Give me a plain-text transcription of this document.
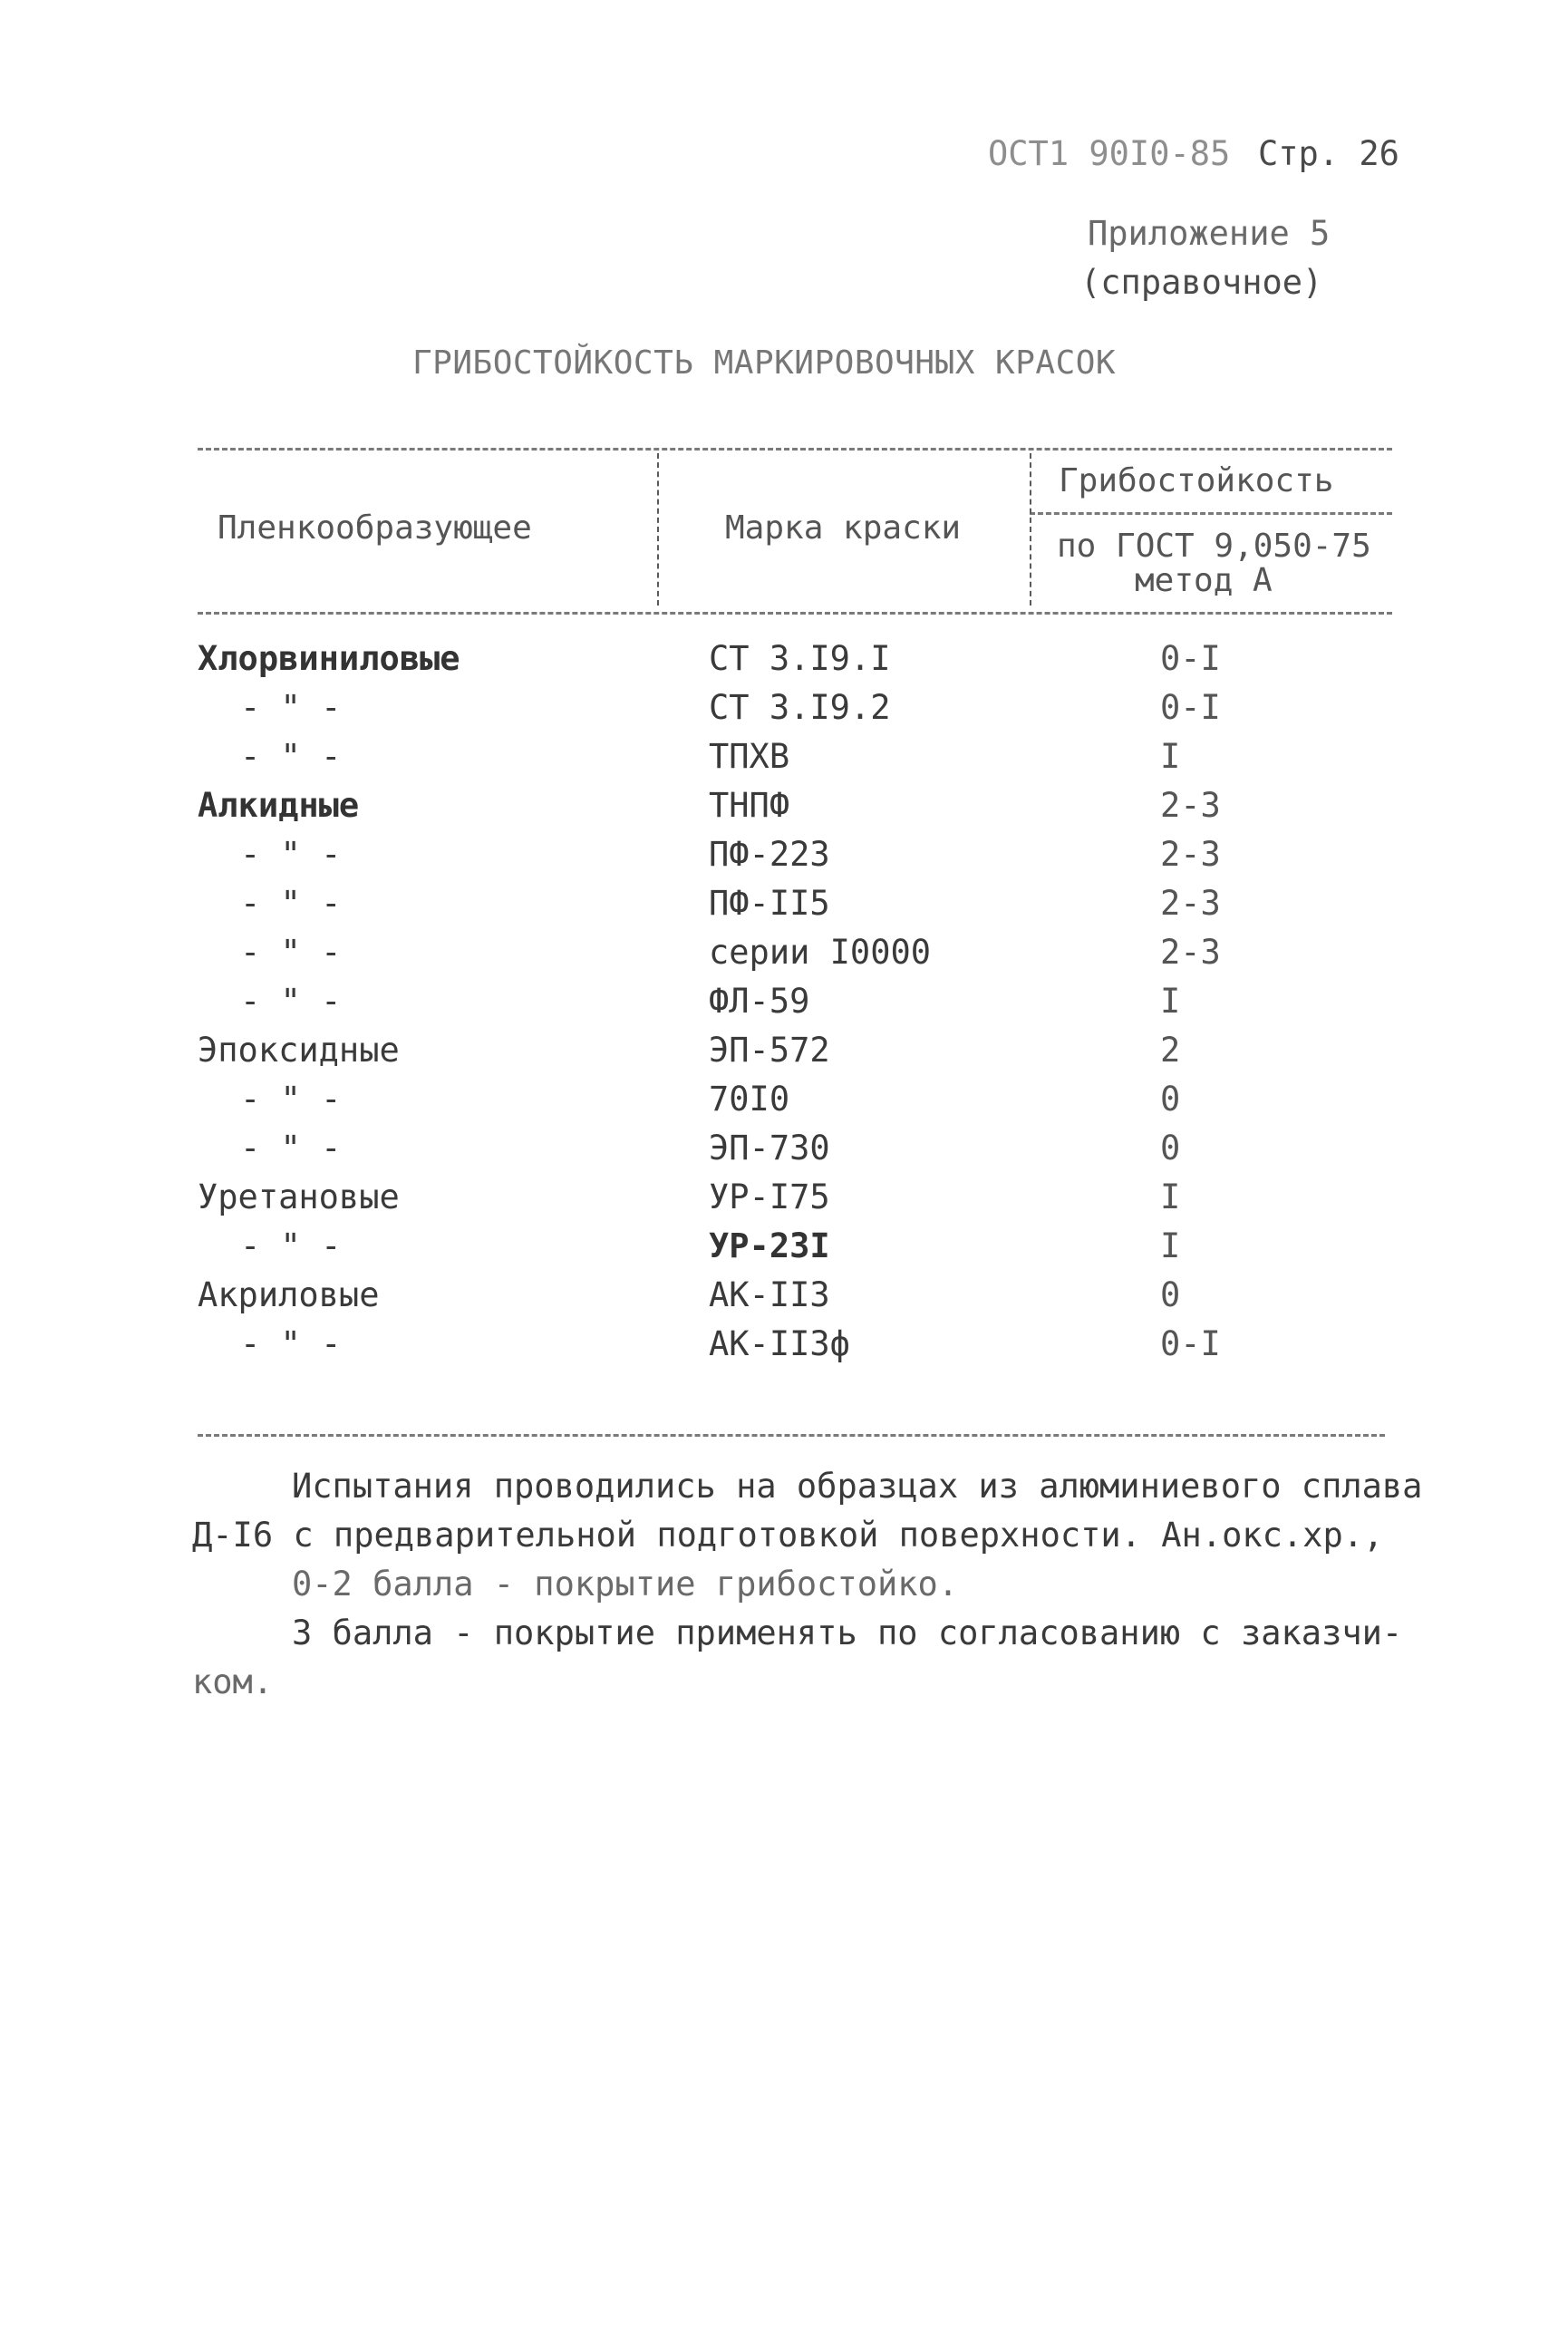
ОСТ1 90I0-85 Стр. 26
Приложение 5
(справочное)
ГРИБОСТОЙКОСТЬ МАРКИРОВОЧНЫХ КРАСОК
Пленкообразующее	Марка краски
Грибостойкость
по ГОСТ 9,050-75
метод А
Хлорвиниловые	СТ 3.I9.I	0-I
- " -	СТ 3.I9.2	0-I
- " -	ТПХВ	I
Алкидные	ТНПФ	2-3
- " -	ПФ-223	2-3
- " -	ПФ-II5	2-3
- " -	серии I0000	2-3
- " -	ФЛ-59	I
Эпоксидные	ЭП-572	2
- " -	70I0	0
- " -	ЭП-730	0
Уретановые	УР-I75	I
- " -	УР-23I	I
Акриловые	АК-II3	0
- " -	АК-II3ф	0-I
Испытания проводились на образцах из алюминиевого сплава
Д-I6 с предварительной подготовкой поверхности. Ан.окс.хр.,
0-2 балла - покрытие грибостойко.
3 балла - покрытие применять по согласованию с заказчи-
ком.
